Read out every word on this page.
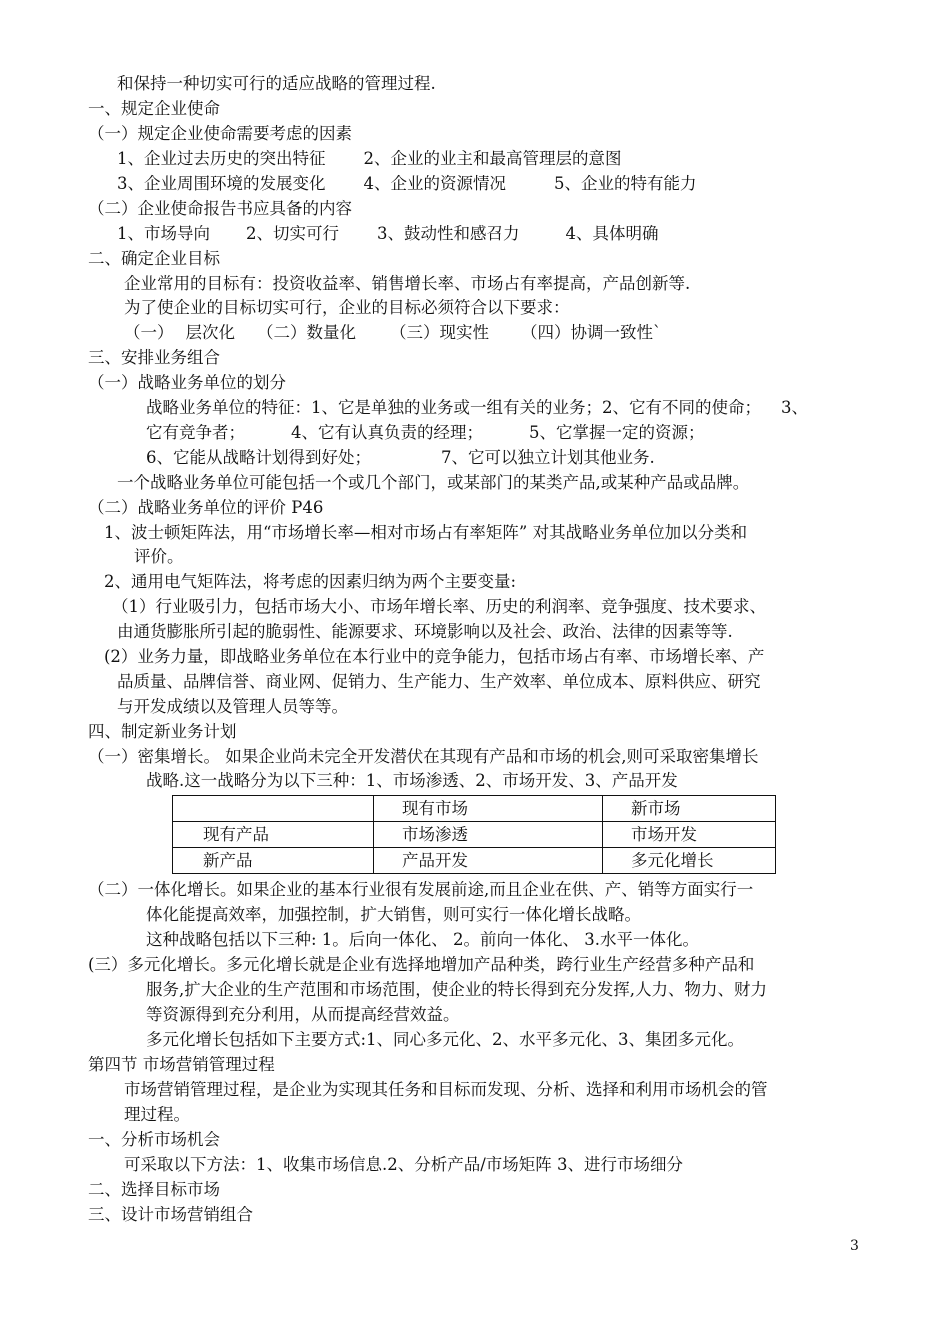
和保持一种切实可行的适应战略的管理过程.
一、规定企业使命
（一）规定企业使命需要考虑的因素
1、企业过去历史的突出特征 2、企业的业主和最高管理层的意图
3、企业周围环境的发展变化 4、企业的资源情况	5、企业的特有能力
（二）企业使命报告书应具备的内容
1、市场导向 2、切实可行 3、鼓动性和感召力	4、具体明确
二、确定企业目标
企业常用的目标有：投资收益率、销售增长率、市场占有率提高，产品创新等.
为了使企业的目标切实可行，企业的目标必须符合以下要求：
（一） 层次化 （二）数量化 （三）现实性 （四）协调一致性`
三、安排业务组合
（一）战略业务单位的划分
战略业务单位的特征：1、它是单独的业务或一组有关的业务；2、它有不同的使命； 3、
它有竞争者；	4、它有认真负责的经理；	5、它掌握一定的资源；
6、它能从战略计划得到好处；	7、它可以独立计划其他业务.
一个战略业务单位可能包括一个或几个部门，或某部门的某类产品,或某种产品或品牌。
（二）战略业务单位的评价 P46
1、波士顿矩阵法，用“市场增长率—相对市场占有率矩阵” 对其战略业务单位加以分类和
评价。
2、通用电气矩阵法，将考虑的因素归纳为两个主要变量:
（1）行业吸引力，包括市场大小、市场年增长率、历史的利润率、竞争强度、技术要求、
由通货膨胀所引起的脆弱性、能源要求、环境影响以及社会、政治、法律的因素等等.
(2）业务力量，即战略业务单位在本行业中的竞争能力，包括市场占有率、市场增长率、产
品质量、品牌信誉、商业网、促销力、生产能力、生产效率、单位成本、原料供应、研究
与开发成绩以及管理人员等等。
四、制定新业务计划
（一）密集增长。 如果企业尚未完全开发潜伏在其现有产品和市场的机会,则可采取密集增长
战略.这一战略分为以下三种：1、市场渗透、2、市场开发、3、产品开发
	现有市场	新市场
现有产品	市场渗透	市场开发
新产品	产品开发	多元化增长
（二）一体化增长。如果企业的基本行业很有发展前途,而且企业在供、产、销等方面实行一
体化能提高效率，加强控制，扩大销售，则可实行一体化增长战略。
这种战略包括以下三种: 1。后向一体化、 2。前向一体化、 3.水平一体化。
(三）多元化增长。多元化增长就是企业有选择地增加产品种类，跨行业生产经营多种产品和
服务,扩大企业的生产范围和市场范围，使企业的特长得到充分发挥,人力、物力、财力
等资源得到充分利用，从而提高经营效益。
多元化增长包括如下主要方式:1、同心多元化、2、水平多元化、3、集团多元化。
第四节 市场营销管理过程
市场营销管理过程，是企业为实现其任务和目标而发现、分析、选择和利用市场机会的管
理过程。
一、分析市场机会
可采取以下方法：1、收集市场信息.2、分析产品/市场矩阵 3、进行市场细分
二、选择目标市场
三、设计市场营销组合
3
